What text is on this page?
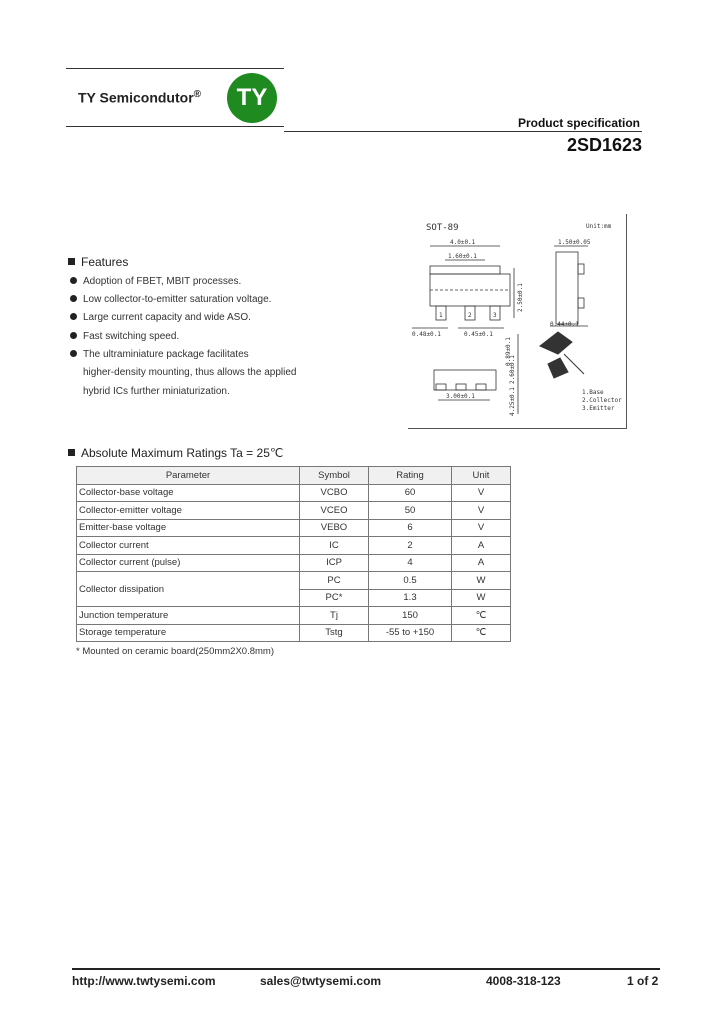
TY Semicondutor®	TY
Product specification
2SD1623
Features
Adoption of FBET, MBIT processes.
Low collector-to-emitter saturation voltage.
Large current capacity and wide ASO.
Fast switching speed.
The ultraminiature package facilitates
higher-density mounting, thus allows the applied
hybrid ICs further miniaturization.
SOT-89	Unit:mm
4.0±0.1
1.60±0.1
1	2	3
0.48±0.1	0.45±0.1
2.50±0.1
1.50±0.05
0.44±0.1
3.00±0.1
0.89±0.1
2.60±0.1
4.25±0.1	1.Base
2.Collector
3.Emitter
Absolute Maximum Ratings Ta = 25℃
Parameter	Symbol	Rating	Unit
Collector-base voltage	VCBO	60	V
Collector-emitter voltage	VCEO	50	V
Emitter-base voltage	VEBO	6	V
Collector current	IC	2	A
Collector current (pulse)	ICP	4	A
Collector dissipation	PC	0.5	W
	PC*	1.3	W
Junction temperature	Tj	150	℃
Storage temperature	Tstg	-55 to +150	℃
* Mounted on ceramic board(250mm2X0.8mm)
http://www.twtysemi.com	sales@twtysemi.com	4008-318-123	1 of 2
